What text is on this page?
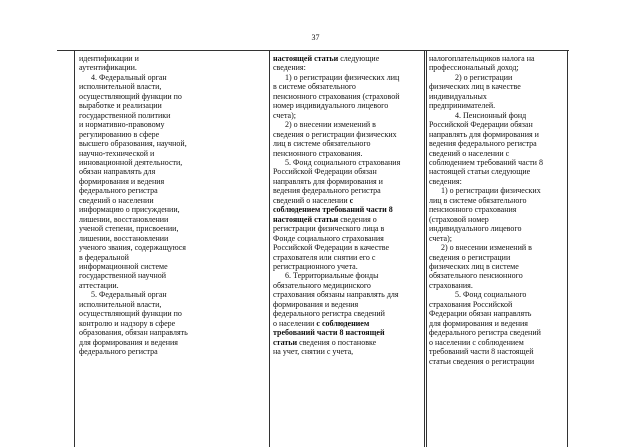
37
идентификации и
аутентификации.
4. Федеральный орган
исполнительной власти,
осуществляющий функции по
выработке и реализации
государственной политики
и нормативно-правовому
регулированию в сфере
высшего образования, научной,
научно-технической и
инновационной деятельности,
обязан направлять для
формирования и ведения
федерального регистра
сведений о населении
информацию о присуждении,
лишении, восстановлении
ученой степени, присвоении,
лишении, восстановлении
ученого звания, содержащуюся
в федеральной
информационной системе
государственной научной
аттестации.
5. Федеральный орган
исполнительной власти,
осуществляющий функции по
контролю и надзору в сфере
образования, обязан направлять
для формирования и ведения
федерального регистра
настоящей статьи следующие
сведения:
1) о регистрации физических лиц
в системе обязательного
пенсионного страхования (страховой
номер индивидуального лицевого
счета);
2) о внесении изменений в
сведения о регистрации физических
лиц в системе обязательного
пенсионного страхования.
5. Фонд социального страхования
Российской Федерации обязан
направлять для формирования и
ведения федерального регистра
сведений о населении с
соблюдением требований части 8
настоящей статьи сведения о
регистрации физического лица в
Фонде социального страхования
Российской Федерации в качестве
страхователя или снятии его с
регистрационного учета.
6. Территориальные фонды
обязательного медицинского
страхования обязаны направлять для
формирования и ведения
федерального регистра сведений
о населении с соблюдением
требований части 8 настоящей
статьи сведения о постановке
на учет, снятии с учета,
налогоплательщиков налога на
профессиональный доход;
2) о регистрации
физических лиц в качестве
индивидуальных
предпринимателей.
4. Пенсионный фонд
Российской Федерации обязан
направлять для формирования и
ведения федерального регистра
сведений о населении с
соблюдением требований части 8
настоящей статьи следующие
сведения:
1) о регистрации физических
лиц в системе обязательного
пенсионного страхования
(страховой номер
индивидуального лицевого
счета);
2) о внесении изменений в
сведения о регистрации
физических лиц в системе
обязательного пенсионного
страхования.
5. Фонд социального
страхования Российской
Федерации обязан направлять
для формирования и ведения
федерального регистра сведений
о населении с соблюдением
требований части 8 настоящей
статьи сведения о регистрации
